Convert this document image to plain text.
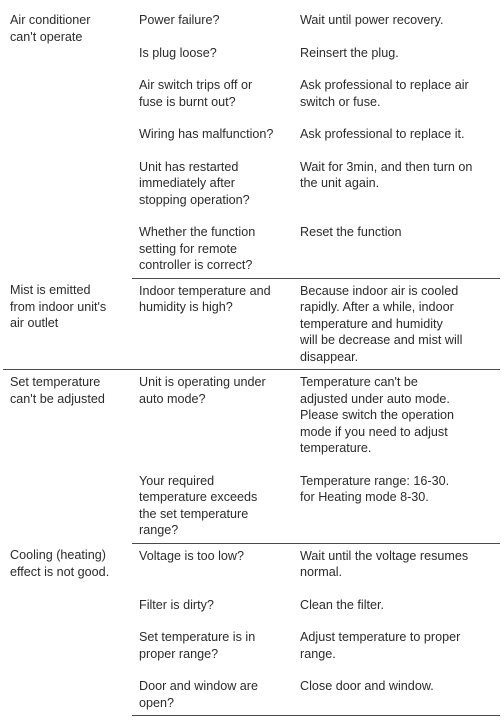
Air conditioner
can't operate	Power failure?	Wait until power recovery.
	Is plug loose?	Reinsert the plug.
	Air switch trips off or
fuse is burnt out?	Ask professional to replace air
switch or fuse.
	Wiring has malfunction?	Ask professional to replace it.
	Unit has restarted
immediately after
stopping operation?	Wait for 3min, and then turn on
the unit again.
	Whether the function
setting for remote
controller is correct?	Reset the function
Mist is emitted
from indoor unit's
air outlet	Indoor temperature and
humidity is high?	Because indoor air is cooled
rapidly. After a while, indoor
temperature and humidity
will be decrease and mist will
disappear.
Set temperature
can't be adjusted	Unit is operating under
auto mode?	Temperature can't be
adjusted under auto mode.
Please switch the operation
mode if you need to adjust
temperature.
	Your required
temperature exceeds
the set temperature
range?	Temperature range: 16-30.
for Heating mode 8-30.
Cooling (heating)
effect is not good.	Voltage is too low?	Wait until the voltage resumes
normal.
	Filter is dirty?	Clean the filter.
	Set temperature is in
proper range?	Adjust temperature to proper
range.
	Door and window are
open?	Close door and window.
